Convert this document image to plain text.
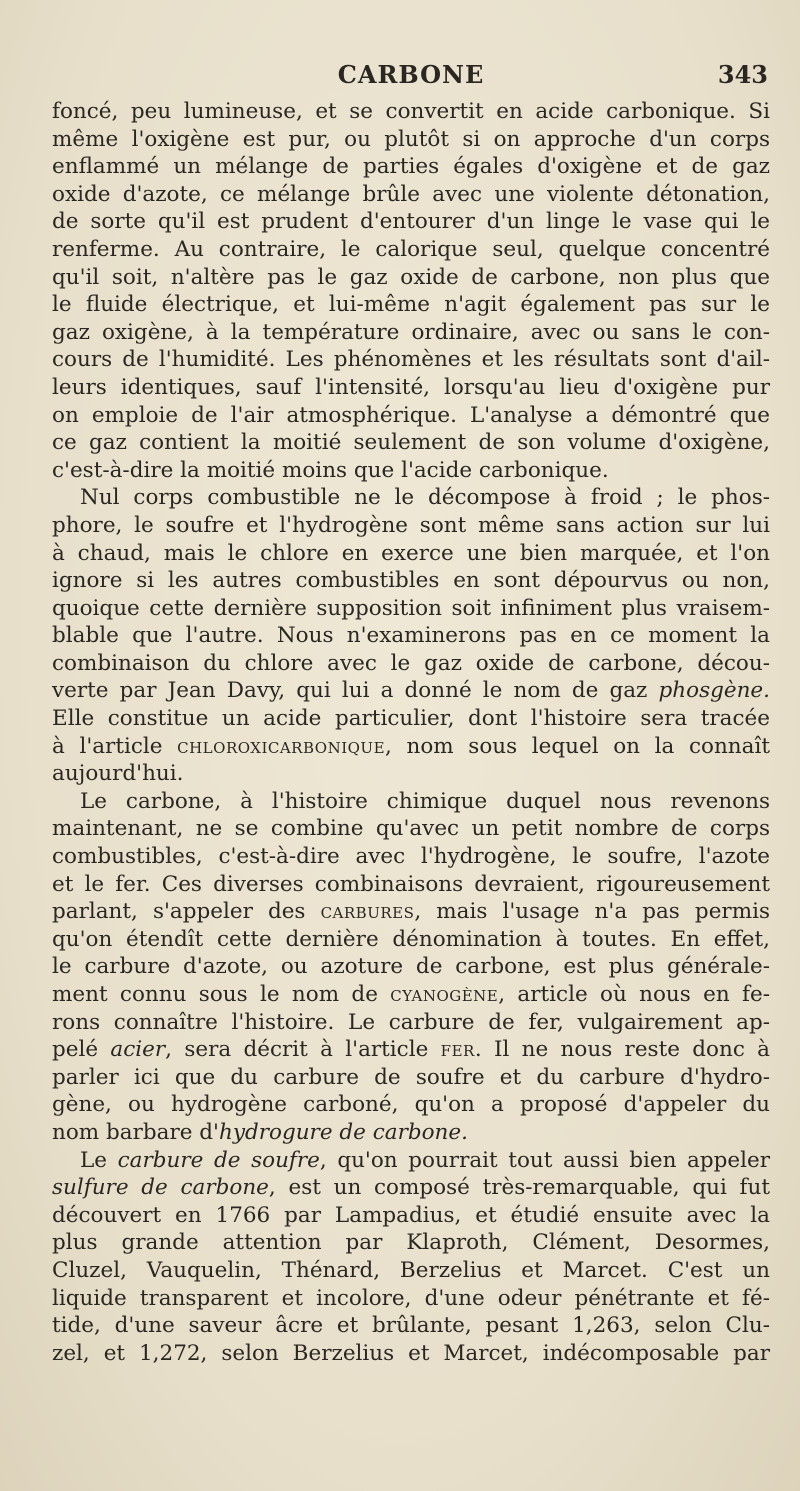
CARBONE	343
foncé, peu lumineuse, et se convertit en acide carbonique. Si
même l'oxigène est pur, ou plutôt si on approche d'un corps
enflammé un mélange de parties égales d'oxigène et de gaz
oxide d'azote, ce mélange brûle avec une violente détonation,
de sorte qu'il est prudent d'entourer d'un linge le vase qui le
renferme. Au contraire, le calorique seul, quelque concentré
qu'il soit, n'altère pas le gaz oxide de carbone, non plus que
le fluide électrique, et lui-même n'agit également pas sur le
gaz oxigène, à la température ordinaire, avec ou sans le con-
cours de l'humidité. Les phénomènes et les résultats sont d'ail-
leurs identiques, sauf l'intensité, lorsqu'au lieu d'oxigène pur
on emploie de l'air atmosphérique. L'analyse a démontré que
ce gaz contient la moitié seulement de son volume d'oxigène,
c'est-à-dire la moitié moins que l'acide carbonique.
Nul corps combustible ne le décompose à froid ; le phos-
phore, le soufre et l'hydrogène sont même sans action sur lui
à chaud, mais le chlore en exerce une bien marquée, et l'on
ignore si les autres combustibles en sont dépourvus ou non,
quoique cette dernière supposition soit infiniment plus vraisem-
blable que l'autre. Nous n'examinerons pas en ce moment la
combinaison du chlore avec le gaz oxide de carbone, décou-
verte par Jean Davy, qui lui a donné le nom de gaz phosgène.
Elle constitue un acide particulier, dont l'histoire sera tracée
à l'article chloroxicarbonique, nom sous lequel on la connaît
aujourd'hui.
Le carbone, à l'histoire chimique duquel nous revenons
maintenant, ne se combine qu'avec un petit nombre de corps
combustibles, c'est-à-dire avec l'hydrogène, le soufre, l'azote
et le fer. Ces diverses combinaisons devraient, rigoureusement
parlant, s'appeler des carbures, mais l'usage n'a pas permis
qu'on étendît cette dernière dénomination à toutes. En effet,
le carbure d'azote, ou azoture de carbone, est plus générale-
ment connu sous le nom de cyanogène, article où nous en fe-
rons connaître l'histoire. Le carbure de fer, vulgairement ap-
pelé acier, sera décrit à l'article fer. Il ne nous reste donc à
parler ici que du carbure de soufre et du carbure d'hydro-
gène, ou hydrogène carboné, qu'on a proposé d'appeler du
nom barbare d'hydrogure de carbone.
Le carbure de soufre, qu'on pourrait tout aussi bien appeler
sulfure de carbone, est un composé très-remarquable, qui fut
découvert en 1766 par Lampadius, et étudié ensuite avec la
plus grande attention par Klaproth, Clément, Desormes,
Cluzel, Vauquelin, Thénard, Berzelius et Marcet. C'est un
liquide transparent et incolore, d'une odeur pénétrante et fé-
tide, d'une saveur âcre et brûlante, pesant 1,263, selon Clu-
zel, et 1,272, selon Berzelius et Marcet, indécomposable par
